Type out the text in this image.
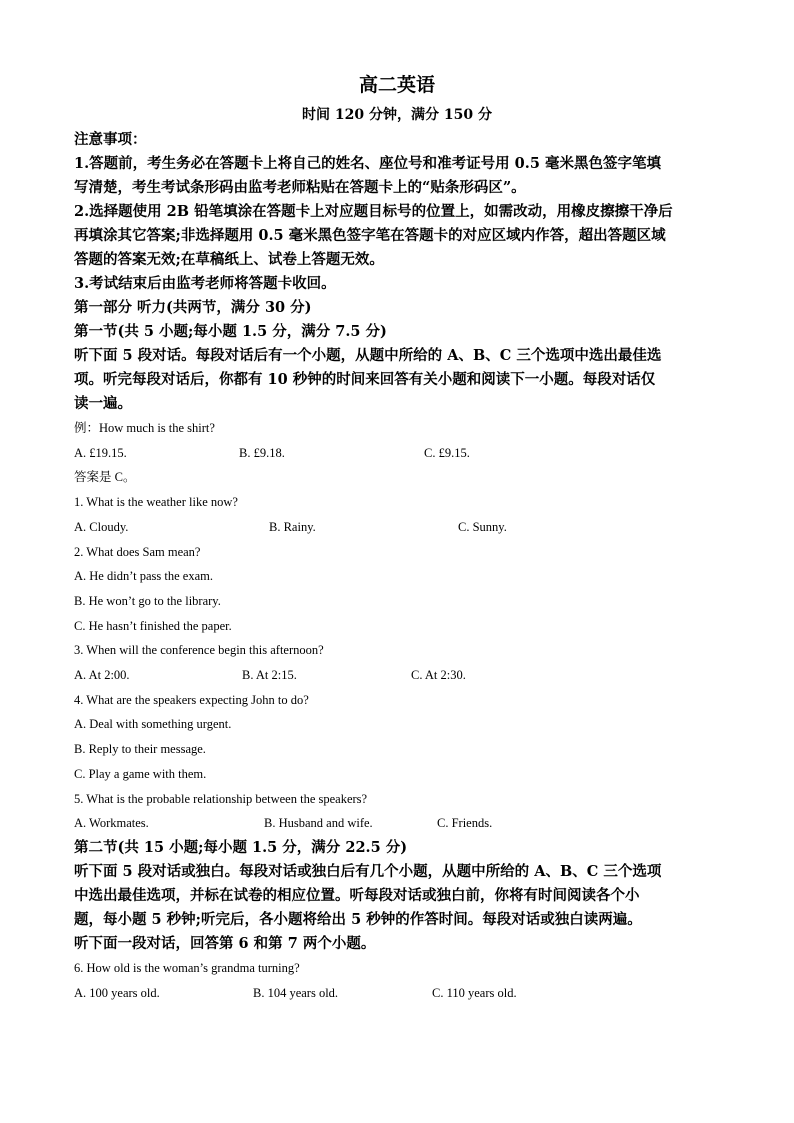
高二英语
时间 120 分钟，满分 150 分
注意事项：
1.答题前，考生务必在答题卡上将自己的姓名、座位号和准考证号用 0.5 毫米黑色签字笔填
写清楚，考生考试条形码由监考老师粘贴在答题卡上的“贴条形码区”。
2.选择题使用 2B 铅笔填涂在答题卡上对应题目标号的位置上，如需改动，用橡皮擦擦干净后
再填涂其它答案;非选择题用 0.5 毫米黑色签字笔在答题卡的对应区域内作答，超出答题区域
答题的答案无效;在草稿纸上、试卷上答题无效。
3.考试结束后由监考老师将答题卡收回。
第一部分 听力(共两节，满分 30 分)
第一节(共 5 小题;每小题 1.5 分，满分 7.5 分)
听下面 5 段对话。每段对话后有一个小题，从题中所给的 A、B、C 三个选项中选出最佳选
项。听完每段对话后，你都有 10 秒钟的时间来回答有关小题和阅读下一小题。每段对话仅
读一遍。
例：How much is the shirt?
A. £19.15.	B. £9.18.	C. £9.15.
答案是 C。
1. What is the weather like now?
A. Cloudy.	B. Rainy.	C. Sunny.
2. What does Sam mean?
A. He didn’t pass the exam.
B. He won’t go to the library.
C. He hasn’t finished the paper.
3. When will the conference begin this afternoon?
A. At 2:00.	B. At 2:15.	C. At 2:30.
4. What are the speakers expecting John to do?
A. Deal with something urgent.
B. Reply to their message.
C. Play a game with them.
5. What is the probable relationship between the speakers?
A. Workmates.	B. Husband and wife.	C. Friends.
第二节(共 15 小题;每小题 1.5 分，满分 22.5 分)
听下面 5 段对话或独白。每段对话或独白后有几个小题，从题中所给的 A、B、C 三个选项
中选出最佳选项，并标在试卷的相应位置。听每段对话或独白前，你将有时间阅读各个小
题，每小题 5 秒钟;听完后，各小题将给出 5 秒钟的作答时间。每段对话或独白读两遍。
听下面一段对话，回答第 6 和第 7 两个小题。
6. How old is the woman’s grandma turning?
A. 100 years old.	B. 104 years old.	C. 110 years old.
